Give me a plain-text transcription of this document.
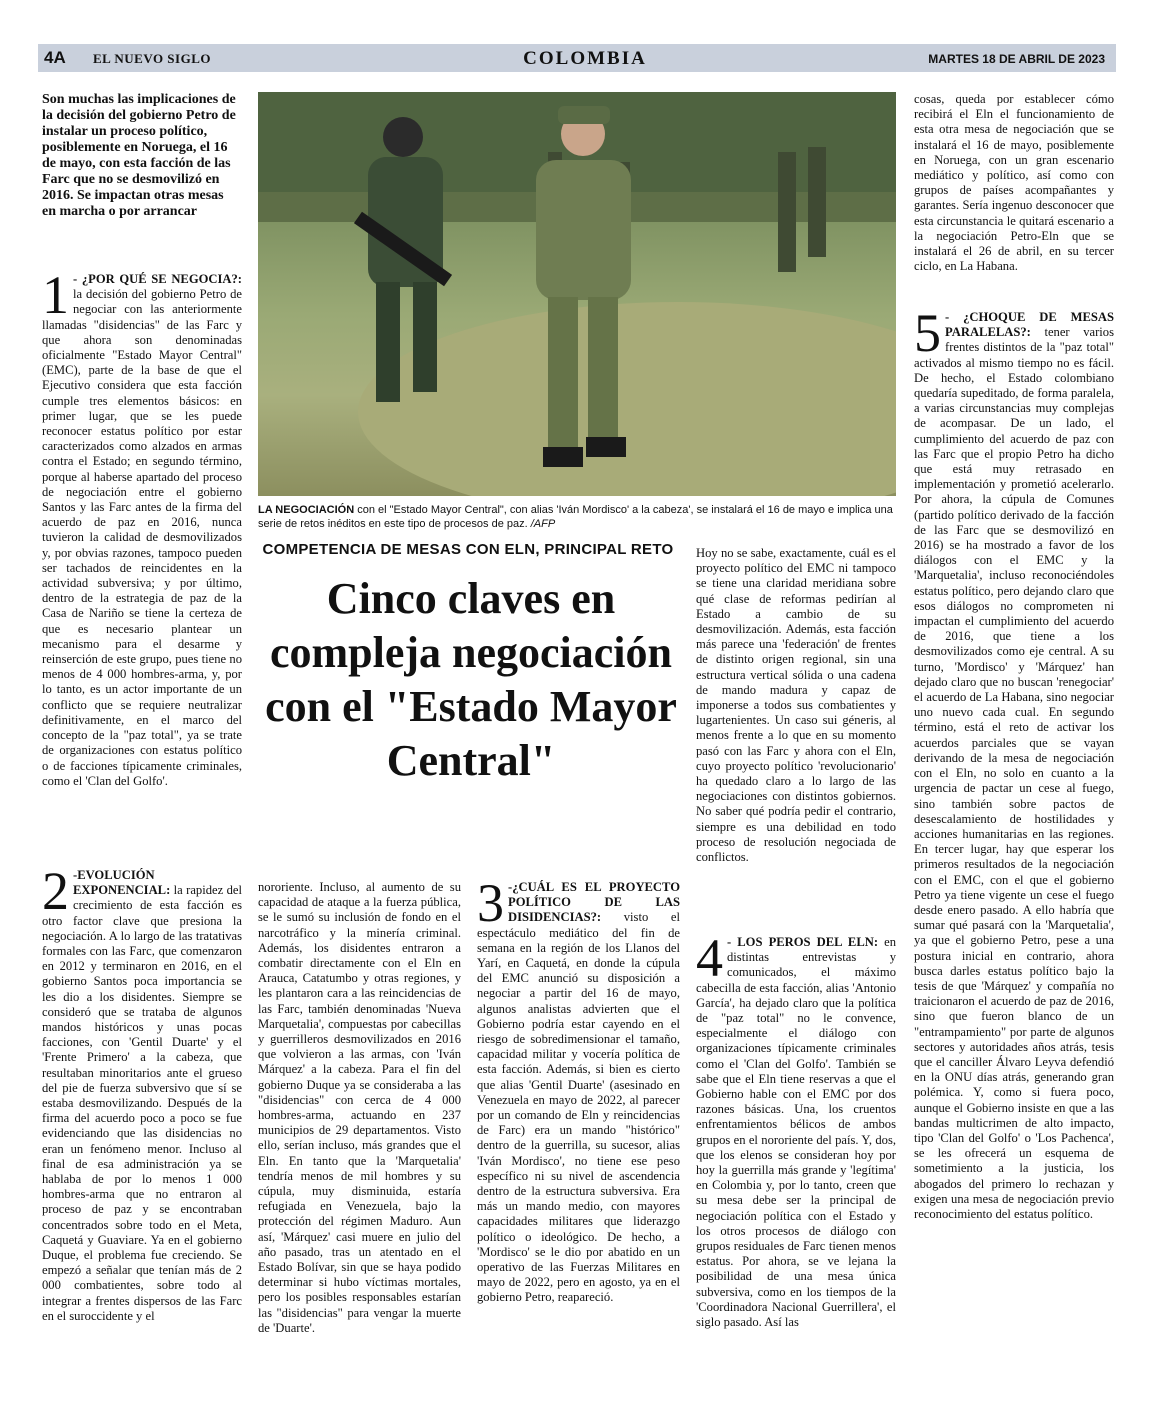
4A EL NUEVO SIGLO	COLOMBIA	MARTES 18 DE ABRIL DE 2023
Son muchas las implicaciones de la decisión del gobierno Petro de instalar un proceso político, posiblemente en Noruega, el 16 de mayo, con esta facción de las Farc que no se desmovilizó en 2016. Se impactan otras mesas en marcha o por arrancar

1 - ¿POR QUÉ SE NEGOCIA?: la decisión del gobierno Petro de negociar con las anteriormente llamadas "disidencias" de las Farc y que ahora son denominadas oficialmente "Estado Mayor Central" (EMC), parte de la base de que el Ejecutivo considera que esta facción cumple tres elementos básicos: en primer lugar, que se les puede reconocer estatus político por estar caracterizados como alzados en armas contra el Estado; en segundo término, porque al haberse apartado del proceso de negociación entre el gobierno Santos y las Farc antes de la firma del acuerdo de paz en 2016, nunca tuvieron la calidad de desmovilizados y, por obvias razones, tampoco pueden ser tachados de reincidentes en la actividad subversiva; y por último, dentro de la estrategia de paz de la Casa de Nariño se tiene la certeza de que es necesario plantear un mecanismo para el desarme y reinserción de este grupo, pues tiene no menos de 4 000 hombres-arma, y, por lo tanto, es un actor importante de un conflicto que se requiere neutralizar definitivamente, en el marco del concepto de la "paz total", ya se trate de organizaciones con estatus político o de facciones típicamente criminales, como el 'Clan del Golfo'.

2 -EVOLUCIÓN EXPONENCIAL: la rapidez del crecimiento de esta facción es otro factor clave que presiona la negociación. A lo largo de las tratativas formales con las Farc, que comenzaron en 2012 y terminaron en 2016, en el gobierno Santos poca importancia se les dio a los disidentes. Siempre se consideró que se trataba de algunos mandos históricos y unas pocas facciones, con 'Gentil Duarte' y el 'Frente Primero' a la cabeza, que resultaban minoritarios ante el grueso del pie de fuerza subversivo que sí se estaba desmovilizando. Después de la firma del acuerdo poco a poco se fue evidenciando que las disidencias no eran un fenómeno menor. Incluso al final de esa administración ya se hablaba de por lo menos 1 000 hombres-arma que no entraron al proceso de paz y se encontraban concentrados sobre todo en el Meta, Caquetá y Guaviare. Ya en el gobierno Duque, el problema fue creciendo. Se empezó a señalar que tenían más de 2 000 combatientes, sobre todo al integrar a frentes dispersos de las Farc en el suroccidente y el

LA NEGOCIACIÓN con el "Estado Mayor Central", con alias 'Iván Mordisco' a la cabeza', se instalará el 16 de mayo e implica una serie de retos inéditos en este tipo de procesos de paz. /AFP
COMPETENCIA DE MESAS CON ELN, PRINCIPAL RETO
Cinco claves en compleja negociación con el "Estado Mayor Central"

nororiente. Incluso, al aumento de su capacidad de ataque a la fuerza pública, se le sumó su inclusión de fondo en el narcotráfico y la minería criminal. Además, los disidentes entraron a combatir directamente con el Eln en Arauca, Catatumbo y otras regiones, y les plantaron cara a las reincidencias de las Farc, también denominadas 'Nueva Marquetalia', compuestas por cabecillas y guerrilleros desmovilizados en 2016 que volvieron a las armas, con 'Iván Márquez' a la cabeza. Para el fin del gobierno Duque ya se consideraba a las "disidencias" con cerca de 4 000 hombres-arma, actuando en 237 municipios de 29 departamentos. Visto ello, serían incluso, más grandes que el Eln. En tanto que la 'Marquetalia' tendría menos de mil hombres y su cúpula, muy disminuida, estaría refugiada en Venezuela, bajo la protección del régimen Maduro. Aun así, 'Márquez' casi muere en julio del año pasado, tras un atentado en el Estado Bolívar, sin que se haya podido determinar si hubo víctimas mortales, pero los posibles responsables estarían las "disidencias" para vengar la muerte de 'Duarte'.

3 -¿CUÁL ES EL PROYECTO POLÍTICO DE LAS DISIDENCIAS?: visto el espectáculo mediático del fin de semana en la región de los Llanos del Yarí, en Caquetá, en donde la cúpula del EMC anunció su disposición a negociar a partir del 16 de mayo, algunos analistas advierten que el Gobierno podría estar cayendo en el riesgo de sobredimensionar el tamaño, capacidad militar y vocería política de esta facción. Además, si bien es cierto que alias 'Gentil Duarte' (asesinado en Venezuela en mayo de 2022, al parecer por un comando de Eln y reincidencias de Farc) era un mando "histórico" dentro de la guerrilla, su sucesor, alias 'Iván Mordisco', no tiene ese peso específico ni su nivel de ascendencia dentro de la estructura subversiva. Era más un mando medio, con mayores capacidades militares que liderazgo político o ideológico. De hecho, a 'Mordisco' se le dio por abatido en un operativo de las Fuerzas Militares en mayo de 2022, pero en agosto, ya en el gobierno Petro, reapareció.

Hoy no se sabe, exactamente, cuál es el proyecto político del EMC ni tampoco se tiene una claridad meridiana sobre qué clase de reformas pedirían al Estado a cambio de su desmovilización. Además, esta facción más parece una 'federación' de frentes de distinto origen regional, sin una estructura vertical sólida o una cadena de mando madura y capaz de imponerse a todos sus combatientes y lugartenientes. Un caso sui géneris, al menos frente a lo que en su momento pasó con las Farc y ahora con el Eln, cuyo proyecto político 'revolucionario' ha quedado claro a lo largo de las negociaciones con distintos gobiernos. No saber qué podría pedir el contrario, siempre es una debilidad en todo proceso de resolución negociada de conflictos.

4 - LOS PEROS DEL ELN: en distintas entrevistas y comunicados, el máximo cabecilla de esta facción, alias 'Antonio García', ha dejado claro que la política de "paz total" no le convence, especialmente el diálogo con organizaciones típicamente criminales como el 'Clan del Golfo'. También se sabe que el Eln tiene reservas a que el Gobierno hable con el EMC por dos razones básicas. Una, los cruentos enfrentamientos bélicos de ambos grupos en el nororiente del país. Y, dos, que los elenos se consideran hoy por hoy la guerrilla más grande y 'legítima' en Colombia y, por lo tanto, creen que su mesa debe ser la principal de negociación política con el Estado y los otros procesos de diálogo con grupos residuales de Farc tienen menos estatus. Por ahora, se ve lejana la posibilidad de una mesa única subversiva, como en los tiempos de la 'Coordinadora Nacional Guerrillera', el siglo pasado. Así las

cosas, queda por establecer cómo recibirá el Eln el funcionamiento de esta otra mesa de negociación que se instalará el 16 de mayo, posiblemente en Noruega, con un gran escenario mediático y político, así como con grupos de países acompañantes y garantes. Sería ingenuo desconocer que esta circunstancia le quitará escenario a la negociación Petro-Eln que se instalará el 26 de abril, en su tercer ciclo, en La Habana.

5 - ¿CHOQUE DE MESAS PARALELAS?: tener varios frentes distintos de la "paz total" activados al mismo tiempo no es fácil. De hecho, el Estado colombiano quedaría supeditado, de forma paralela, a varias circunstancias muy complejas de acompasar. De un lado, el cumplimiento del acuerdo de paz con las Farc que el propio Petro ha dicho que está muy retrasado en implementación y prometió acelerarlo. Por ahora, la cúpula de Comunes (partido político derivado de la facción de las Farc que se desmovilizó en 2016) se ha mostrado a favor de los diálogos con el EMC y la 'Marquetalia', incluso reconociéndoles estatus político, pero dejando claro que esos diálogos no comprometen ni impactan el cumplimiento del acuerdo de 2016, que tiene a los desmovilizados como eje central. A su turno, 'Mordisco' y 'Márquez' han dejado claro que no buscan 'renegociar' el acuerdo de La Habana, sino negociar uno nuevo cada cual. En segundo término, está el reto de activar los acuerdos parciales que se vayan derivando de la mesa de negociación con el Eln, no solo en cuanto a la urgencia de pactar un cese al fuego, sino también sobre pactos de desescalamiento de hostilidades y acciones humanitarias en las regiones. En tercer lugar, hay que esperar los primeros resultados de la negociación con el EMC, con el que el gobierno Petro ya tiene vigente un cese el fuego desde enero pasado. A ello habría que sumar qué pasará con la 'Marquetalia', ya que el gobierno Petro, pese a una postura inicial en contrario, ahora busca darles estatus político bajo la tesis de que 'Márquez' y compañía no traicionaron el acuerdo de paz de 2016, sino que fueron blanco de un "entrampamiento" por parte de algunos sectores y autoridades años atrás, tesis que el canciller Álvaro Leyva defendió en la ONU días atrás, generando gran polémica. Y, como si fuera poco, aunque el Gobierno insiste en que a las bandas multicrimen de alto impacto, tipo 'Clan del Golfo' o 'Los Pachenca', se les ofrecerá un esquema de sometimiento a la justicia, los abogados del primero lo rechazan y exigen una mesa de negociación previo reconocimiento del estatus político.
